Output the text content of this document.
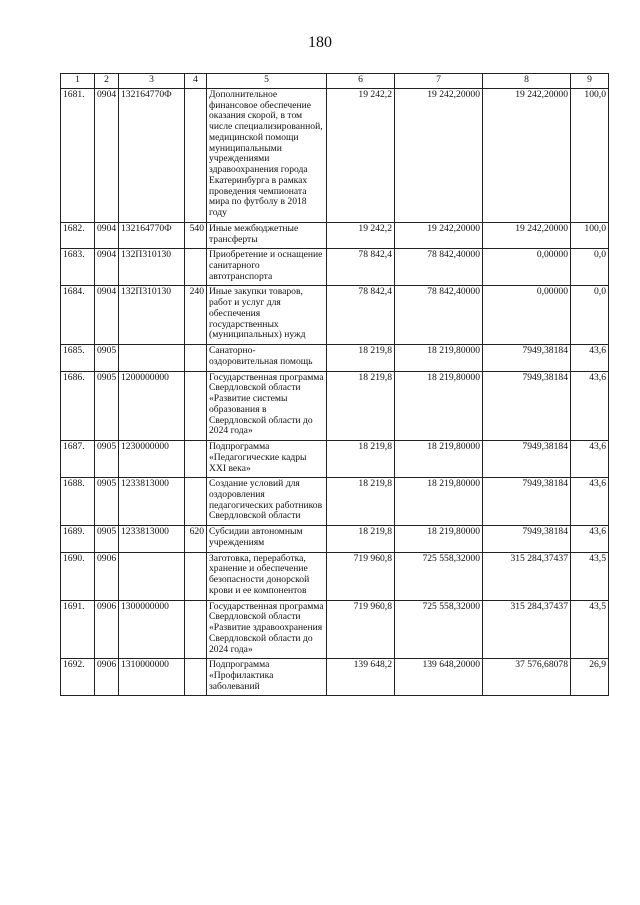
180
1	2	3	4	5	6	7	8	9
1681.	0904	132164770Ф		Дополнительное финансовое обеспечение оказания скорой, в том числе специализированной, медицинской помощи муниципальными учреждениями здравоохранения города Екатеринбурга в рамках проведения чемпионата мира по футболу в 2018 году	19 242,2	19 242,20000	19 242,20000	100,0
1682.	0904	132164770Ф	540	Иные межбюджетные трансферты	19 242,2	19 242,20000	19 242,20000	100,0
1683.	0904	132П310130		Приобретение и оснащение санитарного автотранспорта	78 842,4	78 842,40000	0,00000	0,0
1684.	0904	132П310130	240	Иные закупки товаров, работ и услуг для обеспечения государственных (муниципальных) нужд	78 842,4	78 842,40000	0,00000	0,0
1685.	0905			Санаторно-оздоровительная помощь	18 219,8	18 219,80000	7949,38184	43,6
1686.	0905	1200000000		Государственная программа Свердловской области «Развитие системы образования в Свердловской области до 2024 года»	18 219,8	18 219,80000	7949,38184	43,6
1687.	0905	1230000000		Подпрограмма «Педагогические кадры XXI века»	18 219,8	18 219,80000	7949,38184	43,6
1688.	0905	1233813000		Создание условий для оздоровления педагогических работников Свердловской области	18 219,8	18 219,80000	7949,38184	43,6
1689.	0905	1233813000	620	Субсидии автономным учреждениям	18 219,8	18 219,80000	7949,38184	43,6
1690.	0906			Заготовка, переработка, хранение и обеспечение безопасности донорской крови и ее компонентов	719 960,8	725 558,32000	315 284,37437	43,5
1691.	0906	1300000000		Государственная программа Свердловской области «Развитие здравоохранения Свердловской области до 2024 года»	719 960,8	725 558,32000	315 284,37437	43,5
1692.	0906	1310000000		Подпрограмма «Профилактика заболеваний	139 648,2	139 648,20000	37 576,68078	26,9
